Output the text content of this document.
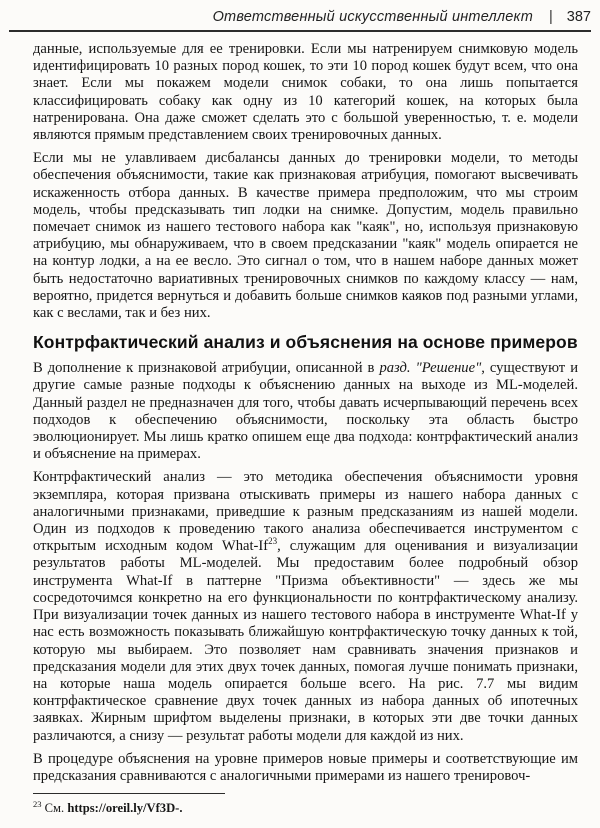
Ответственный искусственный интеллект | 387

данные, используемые для ее тренировки. Если мы натренируем снимковую модель идентифицировать 10 разных пород кошек, то эти 10 пород кошек будут всем, что она знает. Если мы покажем модели снимок собаки, то она лишь попытается классифицировать собаку как одну из 10 категорий кошек, на которых была натренирована. Она даже сможет сделать это с большой уверенностью, т. е. модели являются прямым представлением своих тренировочных данных.

Если мы не улавливаем дисбалансы данных до тренировки модели, то методы обеспечения объяснимости, такие как признаковая атрибуция, помогают высвечивать искаженность отбора данных. В качестве примера предположим, что мы строим модель, чтобы предсказывать тип лодки на снимке. Допустим, модель правильно помечает снимок из нашего тестового набора как "каяк", но, используя признаковую атрибуцию, мы обнаруживаем, что в своем предсказании "каяк" модель опирается не на контур лодки, а на ее весло. Это сигнал о том, что в нашем наборе данных может быть недостаточно вариативных тренировочных снимков по каждому классу — нам, вероятно, придется вернуться и добавить больше снимков каяков под разными углами, как с веслами, так и без них.

Контрфактический анализ и объяснения на основе примеров

В дополнение к признаковой атрибуции, описанной в разд. "Решение", существуют и другие самые разные подходы к объяснению данных на выходе из ML-моделей. Данный раздел не предназначен для того, чтобы давать исчерпывающий перечень всех подходов к обеспечению объяснимости, поскольку эта область быстро эволюционирует. Мы лишь кратко опишем еще два подхода: контрфактический анализ и объяснение на примерах.

Контрфактический анализ — это методика обеспечения объяснимости уровня экземпляра, которая призвана отыскивать примеры из нашего набора данных с аналогичными признаками, приведшие к разным предсказаниям из нашей модели. Один из подходов к проведению такого анализа обеспечивается инструментом с открытым исходным кодом What-If$^{23}$, служащим для оценивания и визуализации результатов работы ML-моделей. Мы предоставим более подробный обзор инструмента What-If в паттерне "Призма объективности" — здесь же мы сосредоточимся конкретно на его функциональности по контрфактическому анализу. При визуализации точек данных из нашего тестового набора в инструменте What-If у нас есть возможность показывать ближайшую контрфактическую точку данных к той, которую мы выбираем. Это позволяет нам сравнивать значения признаков и предсказания модели для этих двух точек данных, помогая лучше понимать признаки, на которые наша модель опирается больше всего. На рис. 7.7 мы видим контрфактическое сравнение двух точек данных из набора данных об ипотечных заявках. Жирным шрифтом выделены признаки, в которых эти две точки данных различаются, а снизу — результат работы модели для каждой из них.

В процедуре объяснения на уровне примеров новые примеры и соответствующие им предсказания сравниваются с аналогичными примерами из нашего тренировоч-

$^{23}$ См. https://oreil.ly/Vf3D-.
